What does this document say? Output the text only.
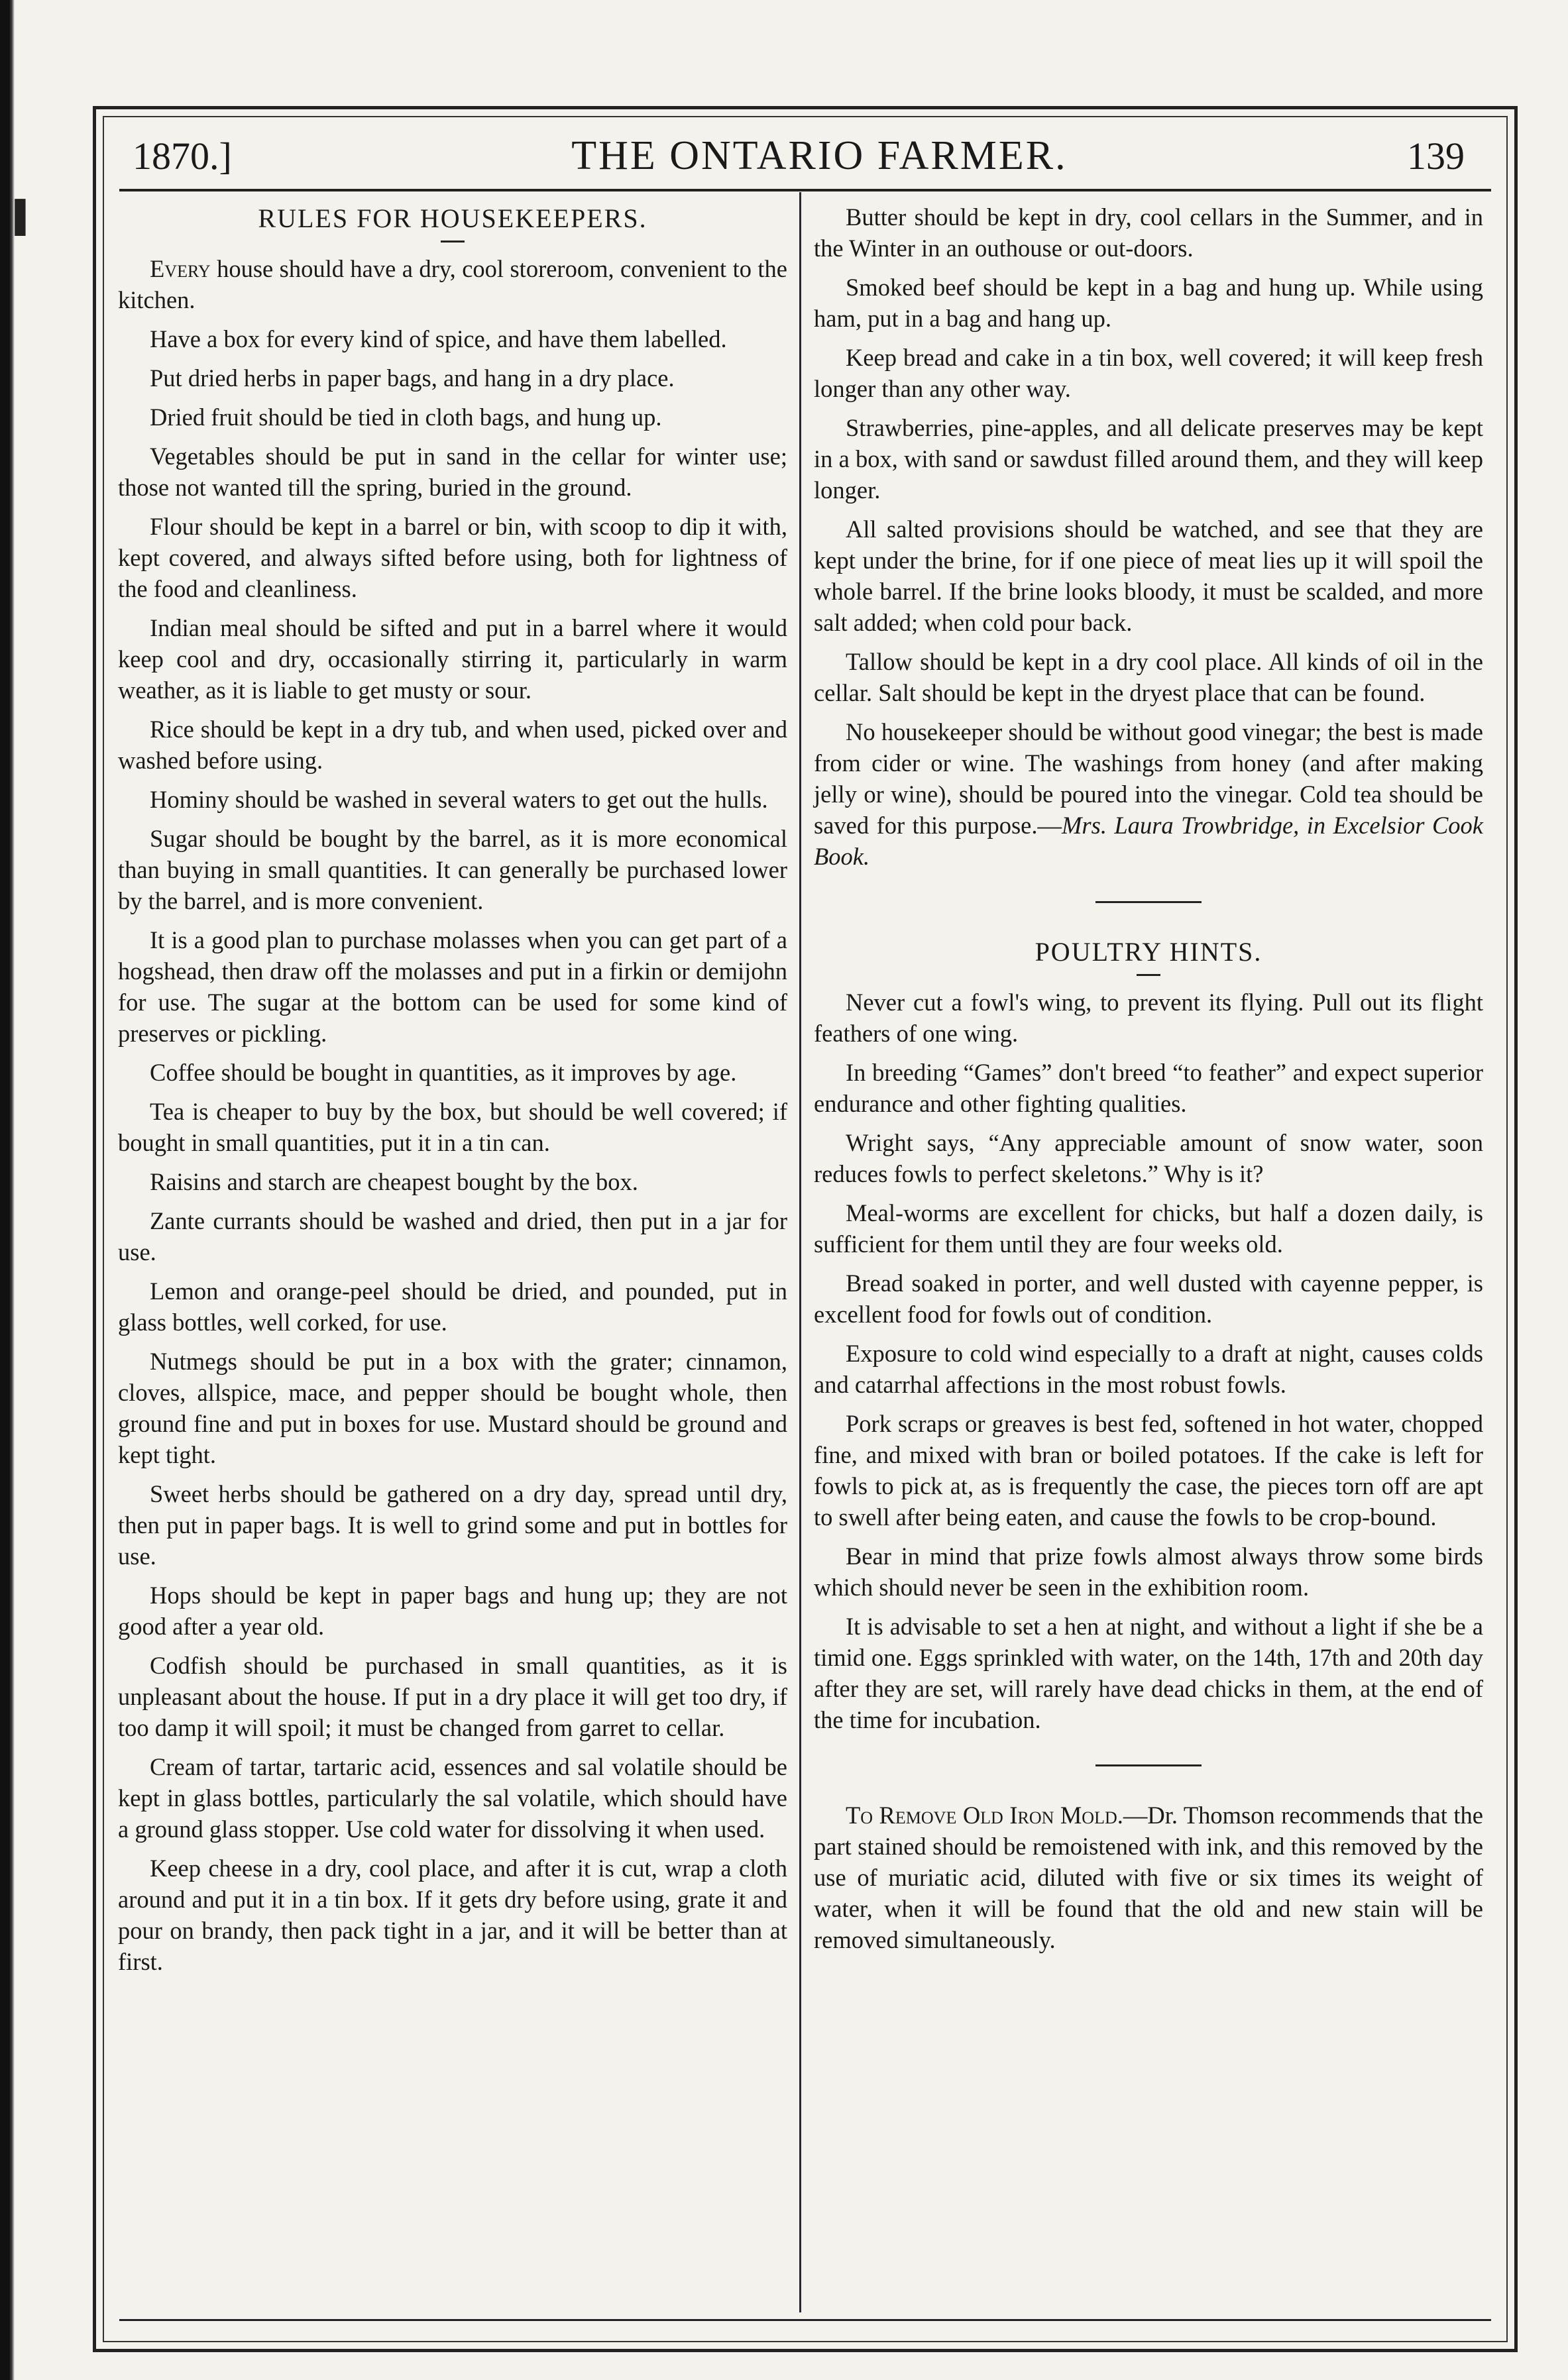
▐
1870.]	THE ONTARIO FARMER.	139
RULES FOR HOUSEKEEPERS.

Every house should have a dry, cool storeroom, convenient to the kitchen.

Have a box for every kind of spice, and have them labelled.

Put dried herbs in paper bags, and hang in a dry place.

Dried fruit should be tied in cloth bags, and hung up.

Vegetables should be put in sand in the cellar for winter use; those not wanted till the spring, buried in the ground.

Flour should be kept in a barrel or bin, with scoop to dip it with, kept covered, and always sifted before using, both for lightness of the food and cleanliness.

Indian meal should be sifted and put in a barrel where it would keep cool and dry, occasionally stirring it, particularly in warm weather, as it is liable to get musty or sour.

Rice should be kept in a dry tub, and when used, picked over and washed before using.

Hominy should be washed in several waters to get out the hulls.

Sugar should be bought by the barrel, as it is more economical than buying in small quantities. It can generally be purchased lower by the barrel, and is more convenient.

It is a good plan to purchase molasses when you can get part of a hogshead, then draw off the molasses and put in a firkin or demijohn for use. The sugar at the bottom can be used for some kind of preserves or pickling.

Coffee should be bought in quantities, as it improves by age.

Tea is cheaper to buy by the box, but should be well covered; if bought in small quantities, put it in a tin can.

Raisins and starch are cheapest bought by the box.

Zante currants should be washed and dried, then put in a jar for use.

Lemon and orange-peel should be dried, and pounded, put in glass bottles, well corked, for use.

Nutmegs should be put in a box with the grater; cinnamon, cloves, allspice, mace, and pepper should be bought whole, then ground fine and put in boxes for use. Mustard should be ground and kept tight.

Sweet herbs should be gathered on a dry day, spread until dry, then put in paper bags. It is well to grind some and put in bottles for use.

Hops should be kept in paper bags and hung up; they are not good after a year old.

Codfish should be purchased in small quantities, as it is unpleasant about the house. If put in a dry place it will get too dry, if too damp it will spoil; it must be changed from garret to cellar.

Cream of tartar, tartaric acid, essences and sal volatile should be kept in glass bottles, particularly the sal volatile, which should have a ground glass stopper. Use cold water for dissolving it when used.

Keep cheese in a dry, cool place, and after it is cut, wrap a cloth around and put it in a tin box. If it gets dry before using, grate it and pour on brandy, then pack tight in a jar, and it will be better than at first.

Butter should be kept in dry, cool cellars in the Summer, and in the Winter in an outhouse or out-doors.

Smoked beef should be kept in a bag and hung up. While using ham, put in a bag and hang up.

Keep bread and cake in a tin box, well covered; it will keep fresh longer than any other way.

Strawberries, pine-apples, and all delicate preserves may be kept in a box, with sand or sawdust filled around them, and they will keep longer.

All salted provisions should be watched, and see that they are kept under the brine, for if one piece of meat lies up it will spoil the whole barrel. If the brine looks bloody, it must be scalded, and more salt added; when cold pour back.

Tallow should be kept in a dry cool place. All kinds of oil in the cellar. Salt should be kept in the dryest place that can be found.

No housekeeper should be without good vinegar; the best is made from cider or wine. The washings from honey (and after making jelly or wine), should be poured into the vinegar. Cold tea should be saved for this purpose.—Mrs. Laura Trowbridge, in Excelsior Cook Book.

POULTRY HINTS.

Never cut a fowl's wing, to prevent its flying. Pull out its flight feathers of one wing.

In breeding “Games” don't breed “to feather” and expect superior endurance and other fighting qualities.

Wright says, “Any appreciable amount of snow water, soon reduces fowls to perfect skeletons.” Why is it?

Meal-worms are excellent for chicks, but half a dozen daily, is sufficient for them until they are four weeks old.

Bread soaked in porter, and well dusted with cayenne pepper, is excellent food for fowls out of condition.

Exposure to cold wind especially to a draft at night, causes colds and catarrhal affections in the most robust fowls.

Pork scraps or greaves is best fed, softened in hot water, chopped fine, and mixed with bran or boiled potatoes. If the cake is left for fowls to pick at, as is frequently the case, the pieces torn off are apt to swell after being eaten, and cause the fowls to be crop-bound.

Bear in mind that prize fowls almost always throw some birds which should never be seen in the exhibition room.

It is advisable to set a hen at night, and without a light if she be a timid one. Eggs sprinkled with water, on the 14th, 17th and 20th day after they are set, will rarely have dead chicks in them, at the end of the time for incubation.

To Remove Old Iron Mold.—Dr. Thomson recommends that the part stained should be remoistened with ink, and this removed by the use of muriatic acid, diluted with five or six times its weight of water, when it will be found that the old and new stain will be removed simultaneously.
